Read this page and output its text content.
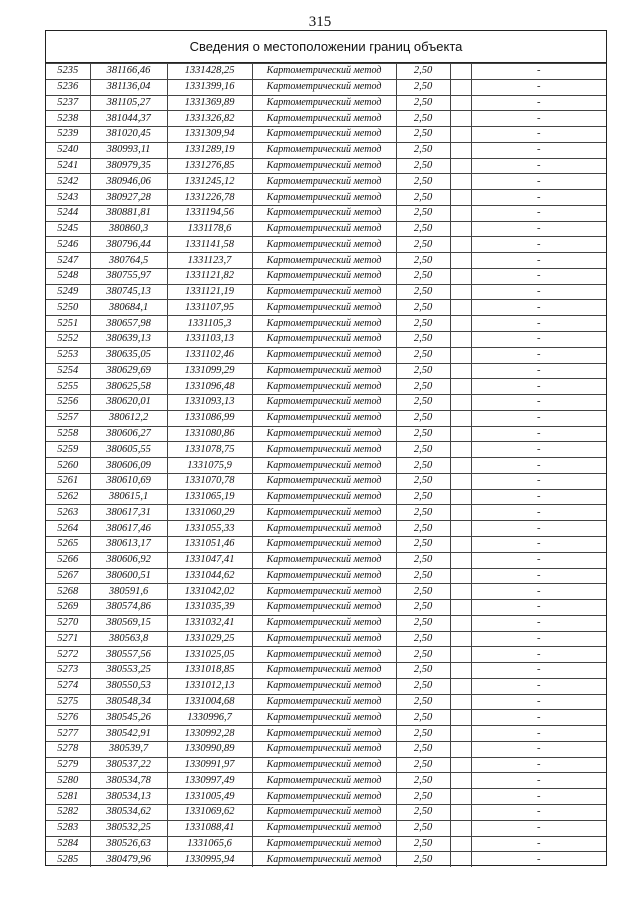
315
Сведения о местоположении границ объекта
5235	381166,46	1331428,25	Картометрический метод	2,50		-
5236	381136,04	1331399,16	Картометрический метод	2,50		-
5237	381105,27	1331369,89	Картометрический метод	2,50		-
5238	381044,37	1331326,82	Картометрический метод	2,50		-
5239	381020,45	1331309,94	Картометрический метод	2,50		-
5240	380993,11	1331289,19	Картометрический метод	2,50		-
5241	380979,35	1331276,85	Картометрический метод	2,50		-
5242	380946,06	1331245,12	Картометрический метод	2,50		-
5243	380927,28	1331226,78	Картометрический метод	2,50		-
5244	380881,81	1331194,56	Картометрический метод	2,50		-
5245	380860,3	1331178,6	Картометрический метод	2,50		-
5246	380796,44	1331141,58	Картометрический метод	2,50		-
5247	380764,5	1331123,7	Картометрический метод	2,50		-
5248	380755,97	1331121,82	Картометрический метод	2,50		-
5249	380745,13	1331121,19	Картометрический метод	2,50		-
5250	380684,1	1331107,95	Картометрический метод	2,50		-
5251	380657,98	1331105,3	Картометрический метод	2,50		-
5252	380639,13	1331103,13	Картометрический метод	2,50		-
5253	380635,05	1331102,46	Картометрический метод	2,50		-
5254	380629,69	1331099,29	Картометрический метод	2,50		-
5255	380625,58	1331096,48	Картометрический метод	2,50		-
5256	380620,01	1331093,13	Картометрический метод	2,50		-
5257	380612,2	1331086,99	Картометрический метод	2,50		-
5258	380606,27	1331080,86	Картометрический метод	2,50		-
5259	380605,55	1331078,75	Картометрический метод	2,50		-
5260	380606,09	1331075,9	Картометрический метод	2,50		-
5261	380610,69	1331070,78	Картометрический метод	2,50		-
5262	380615,1	1331065,19	Картометрический метод	2,50		-
5263	380617,31	1331060,29	Картометрический метод	2,50		-
5264	380617,46	1331055,33	Картометрический метод	2,50		-
5265	380613,17	1331051,46	Картометрический метод	2,50		-
5266	380606,92	1331047,41	Картометрический метод	2,50		-
5267	380600,51	1331044,62	Картометрический метод	2,50		-
5268	380591,6	1331042,02	Картометрический метод	2,50		-
5269	380574,86	1331035,39	Картометрический метод	2,50		-
5270	380569,15	1331032,41	Картометрический метод	2,50		-
5271	380563,8	1331029,25	Картометрический метод	2,50		-
5272	380557,56	1331025,05	Картометрический метод	2,50		-
5273	380553,25	1331018,85	Картометрический метод	2,50		-
5274	380550,53	1331012,13	Картометрический метод	2,50		-
5275	380548,34	1331004,68	Картометрический метод	2,50		-
5276	380545,26	1330996,7	Картометрический метод	2,50		-
5277	380542,91	1330992,28	Картометрический метод	2,50		-
5278	380539,7	1330990,89	Картометрический метод	2,50		-
5279	380537,22	1330991,97	Картометрический метод	2,50		-
5280	380534,78	1330997,49	Картометрический метод	2,50		-
5281	380534,13	1331005,49	Картометрический метод	2,50		-
5282	380534,62	1331069,62	Картометрический метод	2,50		-
5283	380532,25	1331088,41	Картометрический метод	2,50		-
5284	380526,63	1331065,6	Картометрический метод	2,50		-
5285	380479,96	1330995,94	Картометрический метод	2,50		-
